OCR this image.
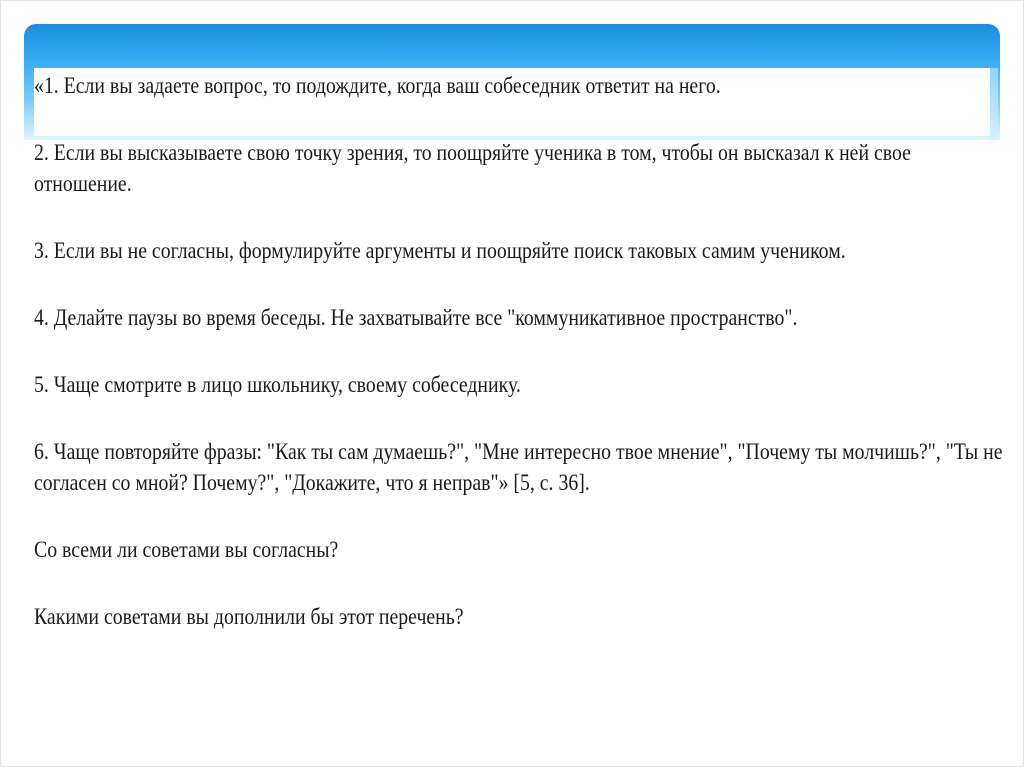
«1. Если вы задаете вопрос, то подождите, когда ваш собеседник ответит на него.

2. Если вы высказываете свою точку зрения, то поощряйте ученика в том, чтобы он высказал к ней свое отношение.

3. Если вы не согласны, формулируйте аргументы и поощряйте поиск таковых самим учеником.

4. Делайте паузы во время беседы. Не захватывайте все "коммуникативное пространство".

5. Чаще смотрите в лицо школьнику, своему собеседнику.

6. Чаще повторяйте фразы: "Как ты сам думаешь?", "Мне интересно твое мнение", "Почему ты молчишь?", "Ты не согласен со мной? Почему?", "Докажите, что я неправ"» [5, с. 36].

Со всеми ли советами вы согласны?

Какими советами вы дополнили бы этот перечень?
